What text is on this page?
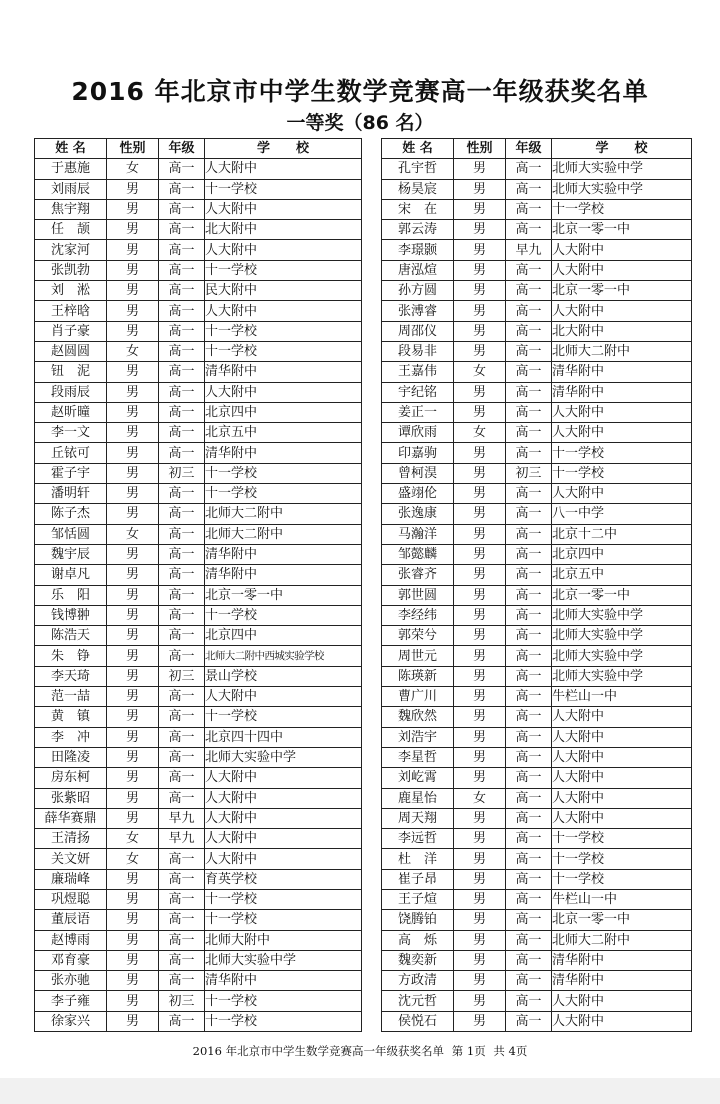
2016 年北京市中学生数学竞赛高一年级获奖名单
一等奖（86 名）
姓 名	性别	年级	学　　校
于惠施	女	高一	人大附中
刘雨辰	男	高一	十一学校
焦宇翔	男	高一	人大附中
任　颉	男	高一	北大附中
沈家河	男	高一	人大附中
张凯勃	男	高一	十一学校
刘　淞	男	高一	民大附中
王梓晗	男	高一	人大附中
肖子豪	男	高一	十一学校
赵圆圆	女	高一	十一学校
钮　泥	男	高一	清华附中
段雨辰	男	高一	人大附中
赵昕曈	男	高一	北京四中
李一文	男	高一	北京五中
丘铱可	男	高一	清华附中
霍子宇	男	初三	十一学校
潘明轩	男	高一	十一学校
陈子杰	男	高一	北师大二附中
邹恬圆	女	高一	北师大二附中
魏宇辰	男	高一	清华附中
谢卓凡	男	高一	清华附中
乐　阳	男	高一	北京一零一中
钱博翀	男	高一	十一学校
陈浩天	男	高一	北京四中
朱　铮	男	高一	北师大二附中西城实验学校
李天琦	男	初三	景山学校
范一喆	男	高一	人大附中
黄　镇	男	高一	十一学校
李　冲	男	高一	北京四十四中
田隆凌	男	高一	北师大实验中学
房东柯	男	高一	人大附中
张紫昭	男	高一	人大附中
薛华赛鼎	男	早九	人大附中
王清扬	女	早九	人大附中
关文妍	女	高一	人大附中
廉瑞峰	男	高一	育英学校
巩煜聪	男	高一	十一学校
董辰语	男	高一	十一学校
赵博雨	男	高一	北师大附中
邓育豪	男	高一	北师大实验中学
张亦驰	男	高一	清华附中
李子雍	男	初三	十一学校
徐家兴	男	高一	十一学校
姓 名	性别	年级	学　　校
孔宇哲	男	高一	北师大实验中学
杨昊宸	男	高一	北师大实验中学
宋　在	男	高一	十一学校
郭云涛	男	高一	北京一零一中
李璟颢	男	早九	人大附中
唐泓煊	男	高一	人大附中
孙方圆	男	高一	北京一零一中
张溥睿	男	高一	人大附中
周邵仪	男	高一	北大附中
段易非	男	高一	北师大二附中
王嘉伟	女	高一	清华附中
宇纪铭	男	高一	清华附中
姜正一	男	高一	人大附中
谭欣雨	女	高一	人大附中
印嘉驹	男	高一	十一学校
曾柯淏	男	初三	十一学校
盛翊伦	男	高一	人大附中
张逸康	男	高一	八一中学
马瀚洋	男	高一	北京十二中
邹懿麟	男	高一	北京四中
张睿齐	男	高一	北京五中
郭世圆	男	高一	北京一零一中
李经纬	男	高一	北师大实验中学
郭荣兮	男	高一	北师大实验中学
周世元	男	高一	北师大实验中学
陈瑛新	男	高一	北师大实验中学
曹广川	男	高一	牛栏山一中
魏欣然	男	高一	人大附中
刘浩宇	男	高一	人大附中
李星哲	男	高一	人大附中
刘屹霄	男	高一	人大附中
鹿星怡	女	高一	人大附中
周天翔	男	高一	人大附中
李远哲	男	高一	十一学校
杜　洋	男	高一	十一学校
崔子昂	男	高一	十一学校
王子煊	男	高一	牛栏山一中
饶腾铂	男	高一	北京一零一中
高　烁	男	高一	北师大二附中
魏奕新	男	高一	清华附中
方政清	男	高一	清华附中
沈元哲	男	高一	人大附中
侯悦石	男	高一	人大附中
2016 年北京市中学生数学竞赛高一年级获奖名单 第 1页 共 4页
